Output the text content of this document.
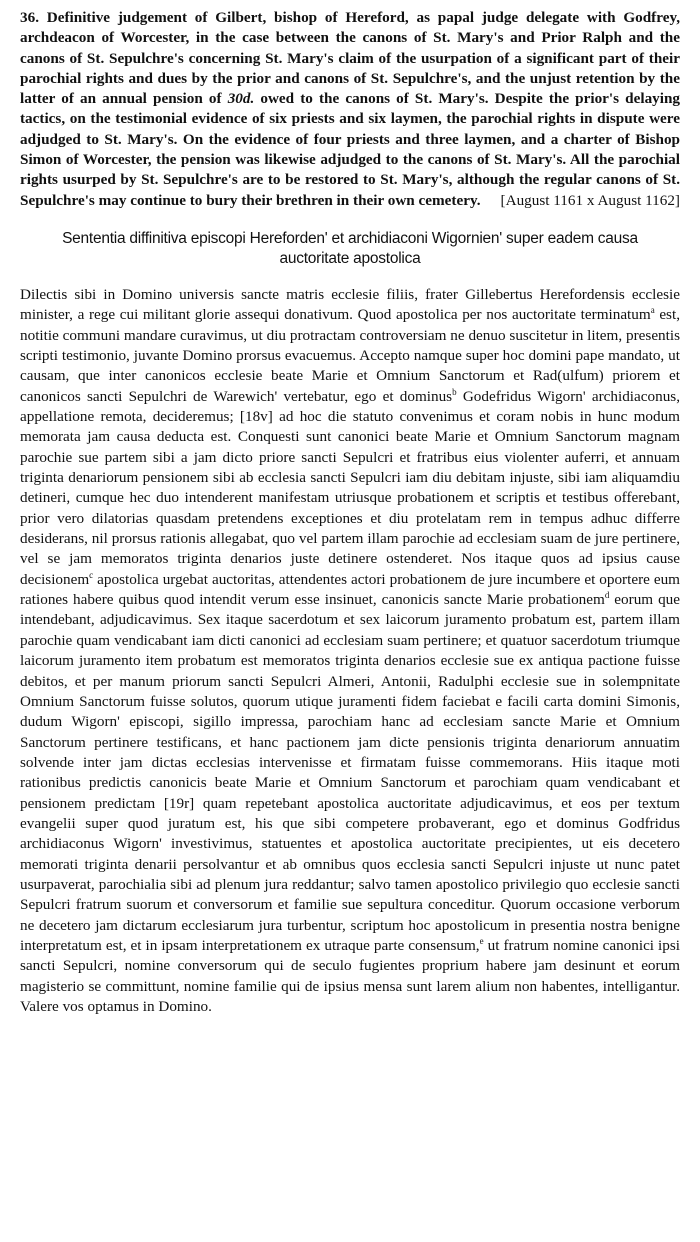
36. Definitive judgement of Gilbert, bishop of Hereford, as papal judge delegate with Godfrey, archdeacon of Worcester, in the case between the canons of St. Mary's and Prior Ralph and the canons of St. Sepulchre's concerning St. Mary's claim of the usurpation of a significant part of their parochial rights and dues by the prior and canons of St. Sepulchre's, and the unjust retention by the latter of an annual pension of 30d. owed to the canons of St. Mary's. Despite the prior's delaying tactics, on the testimonial evidence of six priests and six laymen, the parochial rights in dispute were adjudged to St. Mary's. On the evidence of four priests and three laymen, and a charter of Bishop Simon of Worcester, the pension was likewise adjudged to the canons of St. Mary's. All the parochial rights usurped by St. Sepulchre's are to be restored to St. Mary's, although the regular canons of St. Sepulchre's may continue to bury their brethren in their own cemetery. [August 1161 x August 1162]

Sententia diffinitiva episcopi Hereforden' et archidiaconi Wigornien' super eadem causa auctoritate apostolica

Dilectis sibi in Domino universis sancte matris ecclesie filiis, frater Gillebertus Herefordensis ecclesie minister, a rege cui militant glorie assequi donativum. Quod apostolica per nos auctoritate terminatum$^a$ est, notitie communi mandare curavimus, ut diu protractam controversiam ne denuo suscitetur in litem, presentis scripti testimonio, juvante Domino prorsus evacuemus. Accepto namque super hoc domini pape mandato, ut causam, que inter canonicos ecclesie beate Marie et Omnium Sanctorum et Rad(ulfum) priorem et canonicos sancti Sepulchri de Warewich' vertebatur, ego et dominus$^b$ Godefridus Wigorn' archidiaconus, appellatione remota, decideremus; [18v] ad hoc die statuto convenimus et coram nobis in hunc modum memorata jam causa deducta est. Conquesti sunt canonici beate Marie et Omnium Sanctorum magnam parochie sue partem sibi a jam dicto priore sancti Sepulcri et fratribus eius violenter auferri, et annuam triginta denariorum pensionem sibi ab ecclesia sancti Sepulcri iam diu debitam injuste, sibi iam aliquamdiu detineri, cumque hec duo intenderent manifestam utriusque probationem et scriptis et testibus offerebant, prior vero dilatorias quasdam pretendens exceptiones et diu protelatam rem in tempus adhuc differre desiderans, nil prorsus rationis allegabat, quo vel partem illam parochie ad ecclesiam suam de jure pertinere, vel se jam memoratos triginta denarios juste detinere ostenderet. Nos itaque quos ad ipsius cause decisionem$^c$ apostolica urgebat auctoritas, attendentes actori probationem de jure incumbere et oportere eum rationes habere quibus quod intendit verum esse insinuet, canonicis sancte Marie probationem$^d$ eorum que intendebant, adjudicavimus. Sex itaque sacerdotum et sex laicorum juramento probatum est, partem illam parochie quam vendicabant iam dicti canonici ad ecclesiam suam pertinere; et quatuor sacerdotum triumque laicorum juramento item probatum est memoratos triginta denarios ecclesie sue ex antiqua pactione fuisse debitos, et per manum priorum sancti Sepulcri Almeri, Antonii, Radulphi ecclesie sue in solempnitate Omnium Sanctorum fuisse solutos, quorum utique juramenti fidem faciebat e facili carta domini Simonis, dudum Wigorn' episcopi, sigillo impressa, parochiam hanc ad ecclesiam sancte Marie et Omnium Sanctorum pertinere testificans, et hanc pactionem jam dicte pensionis triginta denariorum annuatim solvende inter jam dictas ecclesias intervenisse et firmatam fuisse commemorans. Hiis itaque moti rationibus predictis canonicis beate Marie et Omnium Sanctorum et parochiam quam vendicabant et pensionem predictam [19r] quam repetebant apostolica auctoritate adjudicavimus, et eos per textum evangelii super quod juratum est, his que sibi competere probaverant, ego et dominus Godfridus archidiaconus Wigorn' investivimus, statuentes et apostolica auctoritate precipientes, ut eis decetero memorati triginta denarii persolvantur et ab omnibus quos ecclesia sancti Sepulcri injuste ut nunc patet usurpaverat, parochialia sibi ad plenum jura reddantur; salvo tamen apostolico privilegio quo ecclesie sancti Sepulcri fratrum suorum et conversorum et familie sue sepultura conceditur. Quorum occasione verborum ne decetero jam dictarum ecclesiarum jura turbentur, scriptum hoc apostolicum in presentia nostra benigne interpretatum est, et in ipsam interpretationem ex utraque parte consensum,$^e$ ut fratrum nomine canonici ipsi sancti Sepulcri, nomine conversorum qui de seculo fugientes proprium habere jam desinunt et eorum magisterio se committunt, nomine familie qui de ipsius mensa sunt larem alium non habentes, intelligantur. Valere vos optamus in Domino.
